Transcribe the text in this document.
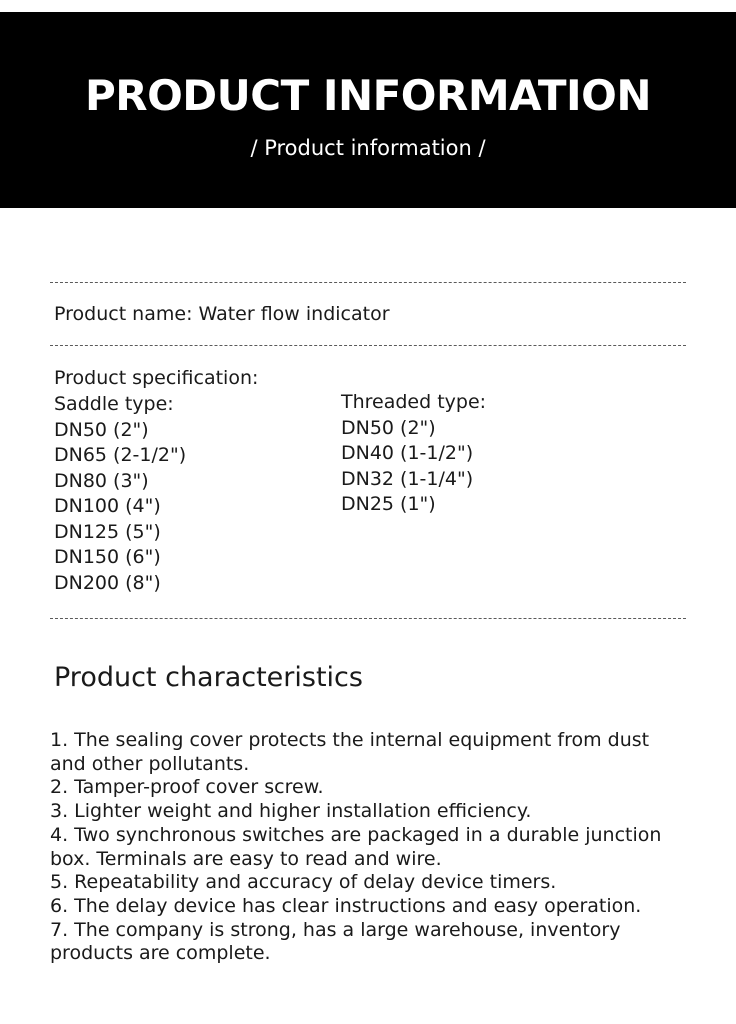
PRODUCT INFORMATION
/ Product information /
Product name: Water flow indicator
Product specification:
Saddle type:
DN50 (2")
DN65 (2-1/2")
DN80 (3")
DN100 (4")
DN125 (5")
DN150 (6")
DN200 (8")
Threaded type:
DN50 (2")
DN40 (1-1/2")
DN32 (1-1/4")
DN25 (1")
Product characteristics
1. The sealing cover protects the internal equipment from dust and other pollutants.
2. Tamper-proof cover screw.
3. Lighter weight and higher installation efficiency.
4. Two synchronous switches are packaged in a durable junction box. Terminals are easy to read and wire.
5. Repeatability and accuracy of delay device timers.
6. The delay device has clear instructions and easy operation.
7. The company is strong, has a large warehouse, inventory products are complete.
